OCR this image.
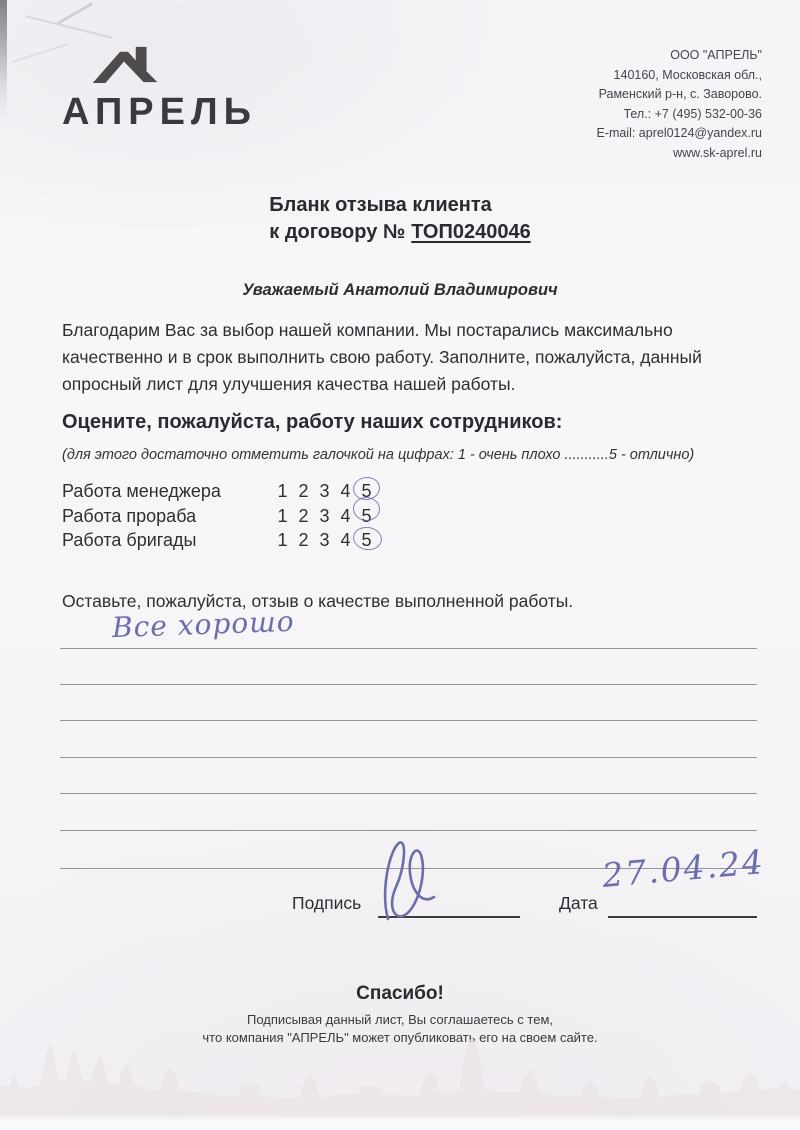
АПРЕЛЬ
ООО "АПРЕЛЬ"
140160, Московская обл.,
Раменский р-н, с. Заворово.
Тел.: +7 (495) 532-00-36
E-mail: aprel0124@yandex.ru
www.sk-aprel.ru
Бланк отзыва клиента
к договору № ТОП0240046
Уважаемый Анатолий Владимирович
Благодарим Вас за выбор нашей компании. Мы постарались максимально качественно и в срок выполнить свою работу. Заполните, пожалуйста, данный опросный лист для улучшения качества нашей работы.
Оцените, пожалуйста, работу наших сотрудников:
(для этого достаточно отметить галочкой на цифрах: 1 - очень плохо ...........5 - отлично)
Работа менеджера	1 2 3 4 5
Работа прораба	1 2 3 4 5
Работа бригады	1 2 3 4 5
Оставьте, пожалуйста, отзыв о качестве выполненной работы.
Все хорошо
Подпись	Дата
27.04.24
Спасибо!
Подписывая данный лист, Вы соглашаетесь с тем,
что компания "АПРЕЛЬ" может опубликовать его на своем сайте.
